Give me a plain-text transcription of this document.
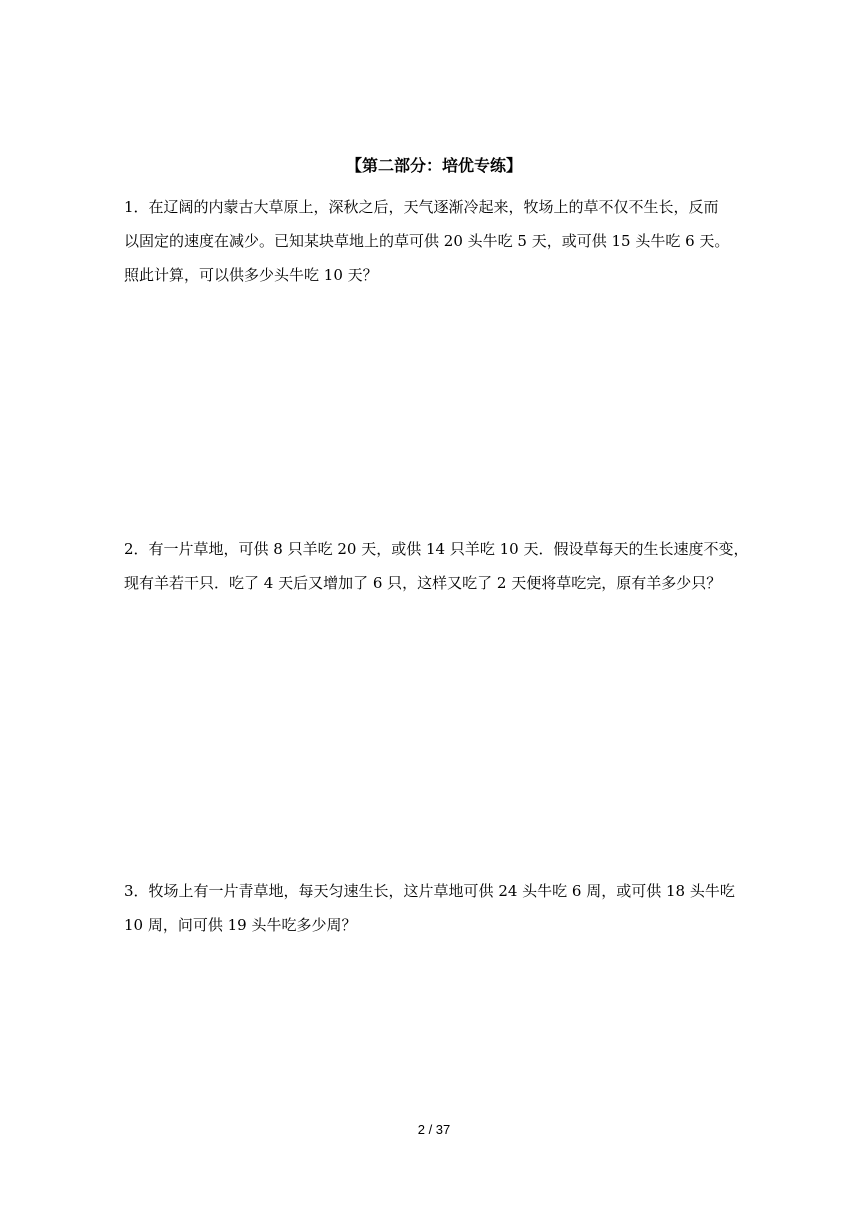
【第二部分：培优专练】
1．在辽阔的内蒙古大草原上，深秋之后，天气逐渐冷起来，牧场上的草不仅不生长，反而
以固定的速度在减少。已知某块草地上的草可供 20 头牛吃 5 天，或可供 15 头牛吃 6 天。
照此计算，可以供多少头牛吃 10 天？
2．有一片草地，可供 8 只羊吃 20 天，或供 14 只羊吃 10 天．假设草每天的生长速度不变，
现有羊若干只．吃了 4 天后又增加了 6 只，这样又吃了 2 天便将草吃完，原有羊多少只？
3．牧场上有一片青草地，每天匀速生长，这片草地可供 24 头牛吃 6 周，或可供 18 头牛吃
10 周，问可供 19 头牛吃多少周？
2 / 37
